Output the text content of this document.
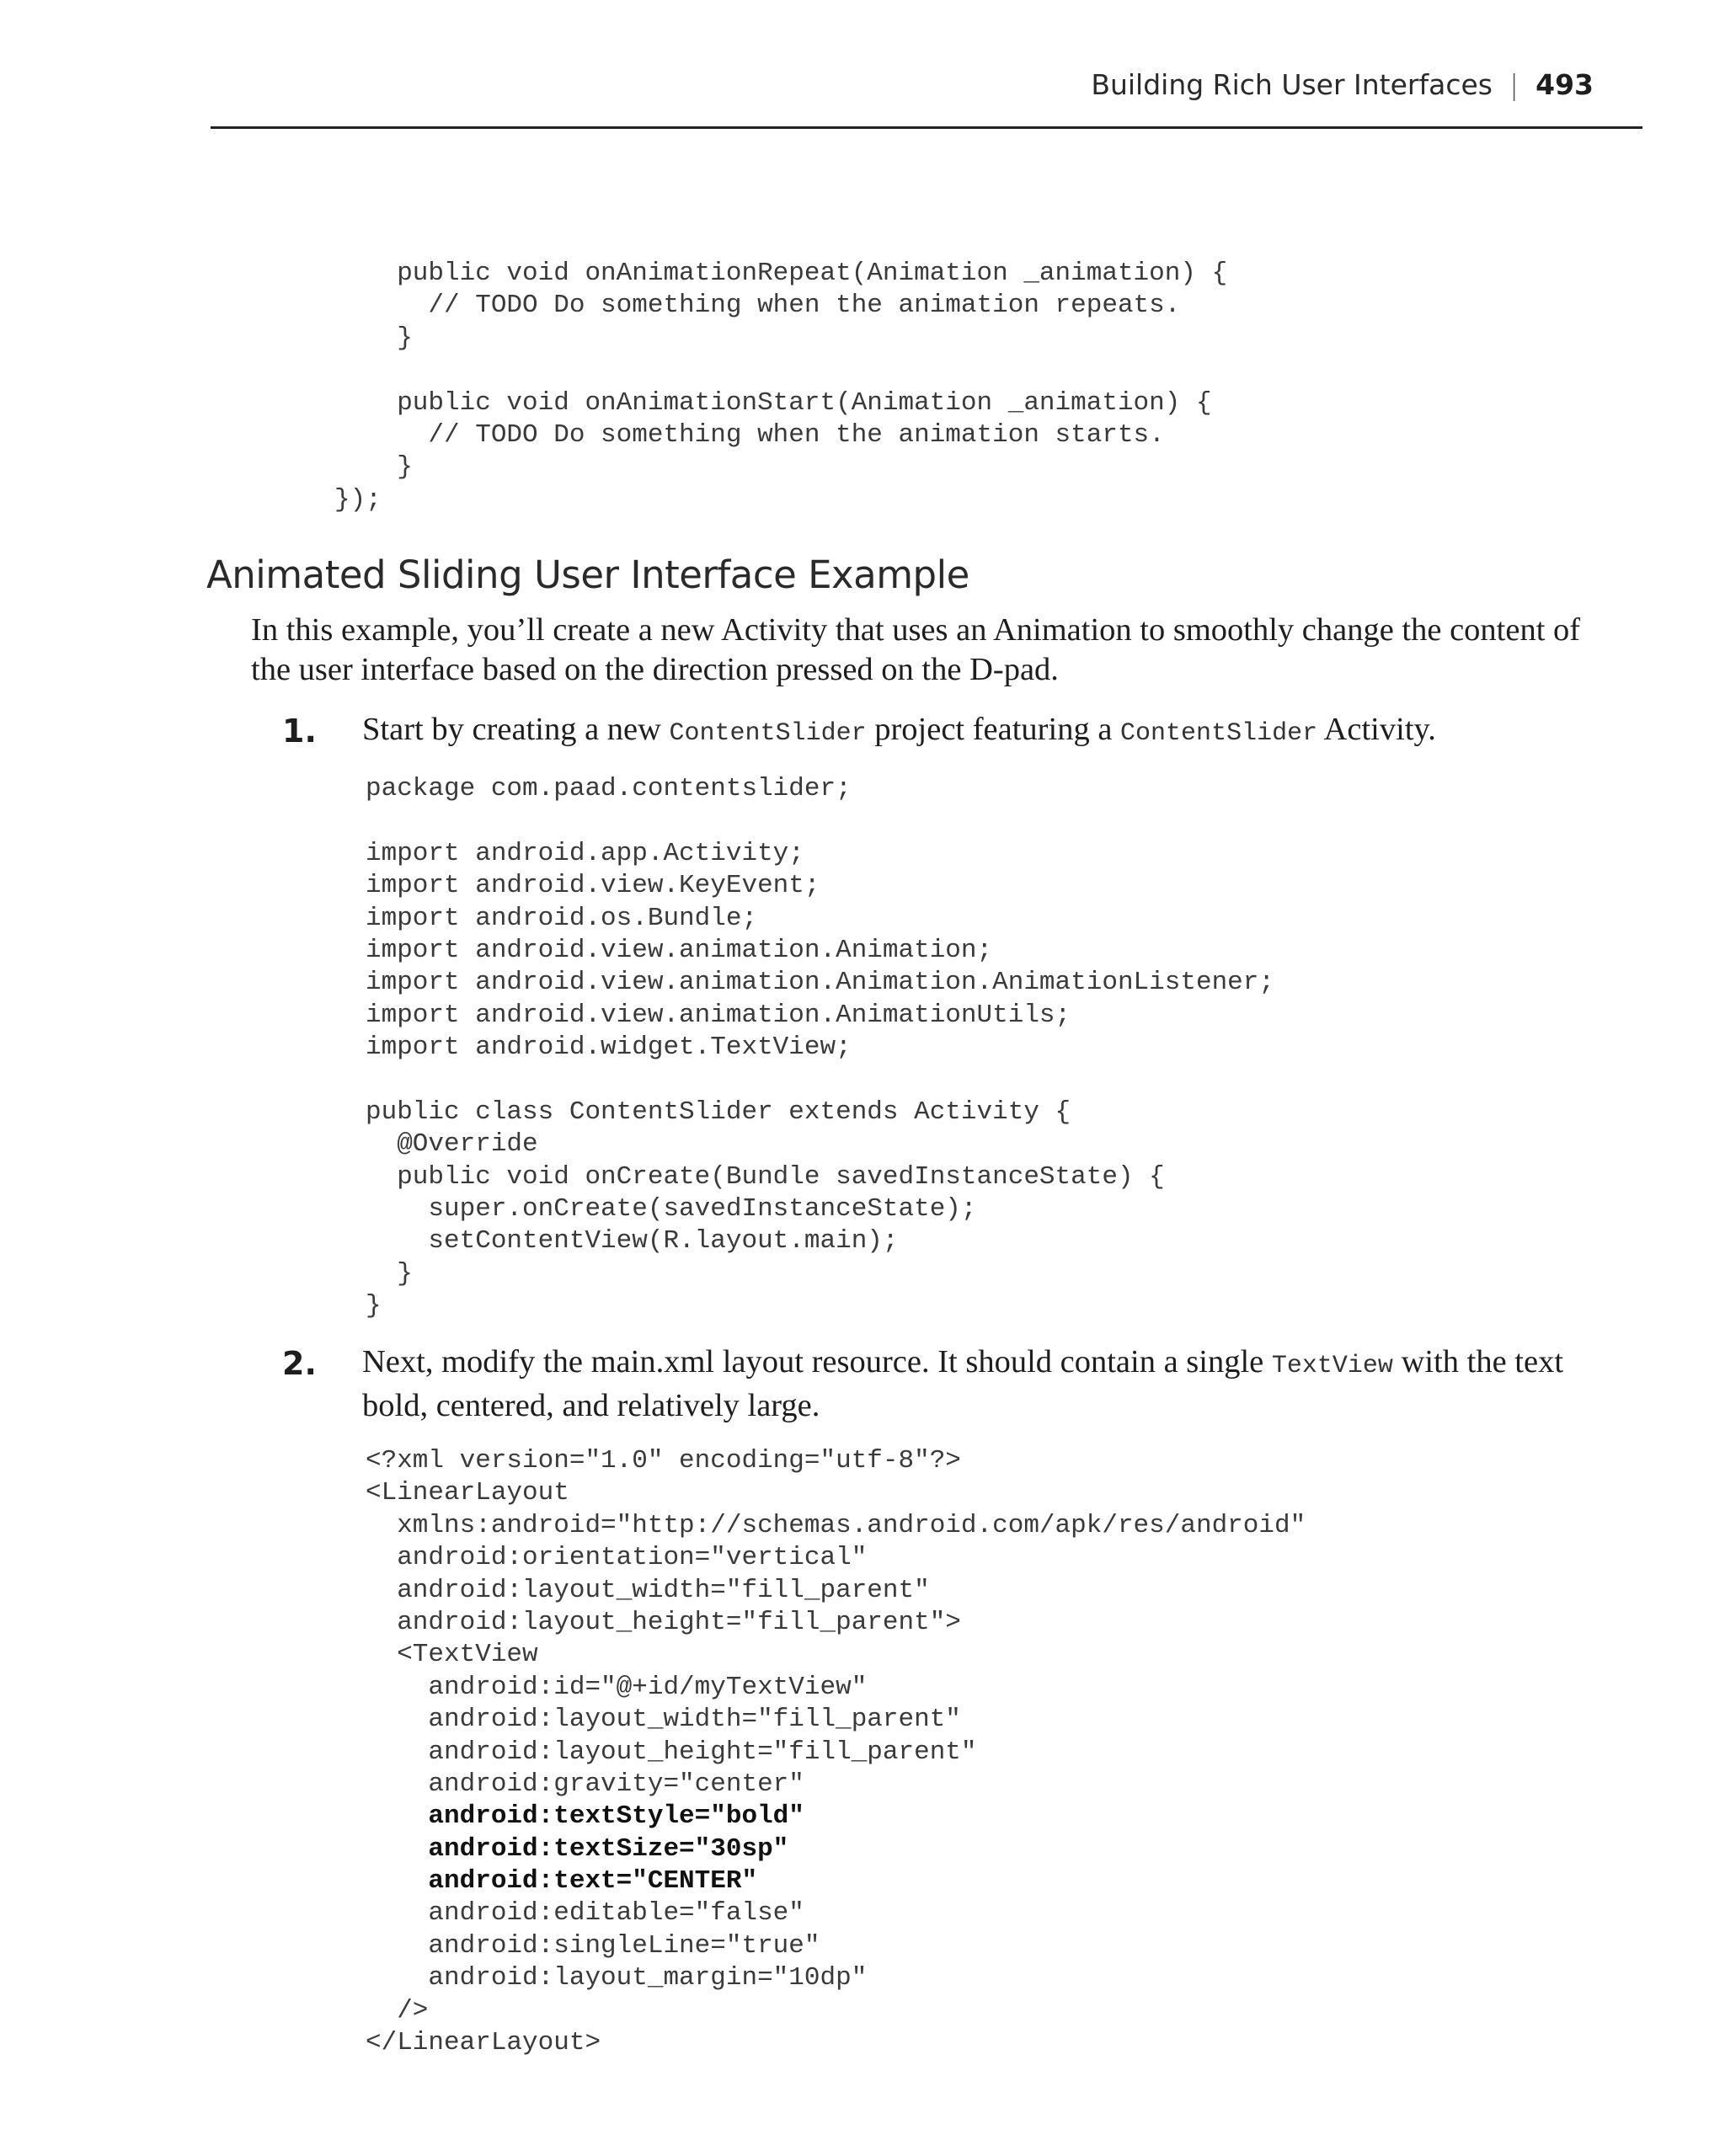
Building Rich User Interfaces | 493
public void onAnimationRepeat(Animation _animation) {
// TODO Do something when the animation repeats.
}
public void onAnimationStart(Animation _animation) {
// TODO Do something when the animation starts.
}
});
Animated Sliding User Interface Example

In this example, you’ll create a new Activity that uses an Animation to smoothly change the content of the user interface based on the direction pressed on the D-pad.

1. Start by creating a new ContentSlider project featuring a ContentSlider Activity.

package com.paad.contentslider;
import android.app.Activity;
import android.view.KeyEvent;
import android.os.Bundle;
import android.view.animation.Animation;
import android.view.animation.Animation.AnimationListener;
import android.view.animation.AnimationUtils;
import android.widget.TextView;
public class ContentSlider extends Activity {
@Override
public void onCreate(Bundle savedInstanceState) {
super.onCreate(savedInstanceState);
setContentView(R.layout.main);
}
}
2. Next, modify the main.xml layout resource. It should contain a single TextView with the text bold, centered, and relatively large.

<?xml version="1.0" encoding="utf-8"?>
<LinearLayout
xmlns:android="http://schemas.android.com/apk/res/android"
android:orientation="vertical"
android:layout_width="fill_parent"
android:layout_height="fill_parent">
<TextView
android:id="@+id/myTextView"
android:layout_width="fill_parent"
android:layout_height="fill_parent"
android:gravity="center"
android:textStyle="bold"
android:textSize="30sp"
android:text="CENTER"
android:editable="false"
android:singleLine="true"
android:layout_margin="10dp"
/>
</LinearLayout>
